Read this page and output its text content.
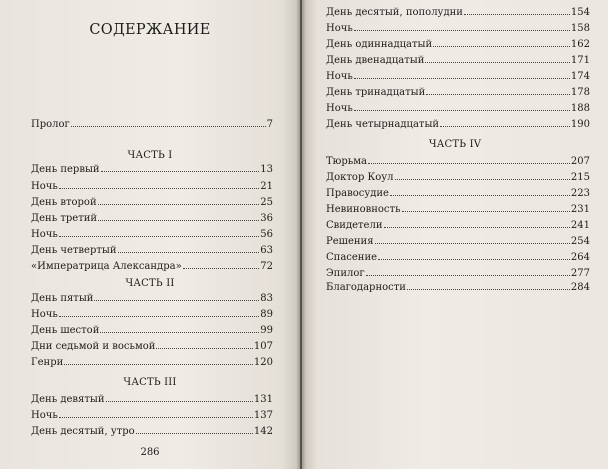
СОДЕРЖАНИЕ
Пролог	7
ЧАСТЬ I
День первый	13
Ночь	21
День второй	25
День третий	36
Ночь	56
День четвертый	63
«Императрица Александра»	72
ЧАСТЬ II
День пятый	83
Ночь	89
День шестой	99
Дни седьмой и восьмой	107
Генри	120
ЧАСТЬ III
День девятый	131
Ночь	137
День десятый, утро	142
286
День десятый, пополудни	154
Ночь	158
День одиннадцатый	162
День двенадцатый	171
Ночь	174
День тринадцатый	178
Ночь	188
День четырнадцатый	190
ЧАСТЬ IV
Тюрьма	207
Доктор Коул	215
Правосудие	223
Невиновность	231
Свидетели	241
Решения	254
Спасение	264
Эпилог	277
Благодарности	284
